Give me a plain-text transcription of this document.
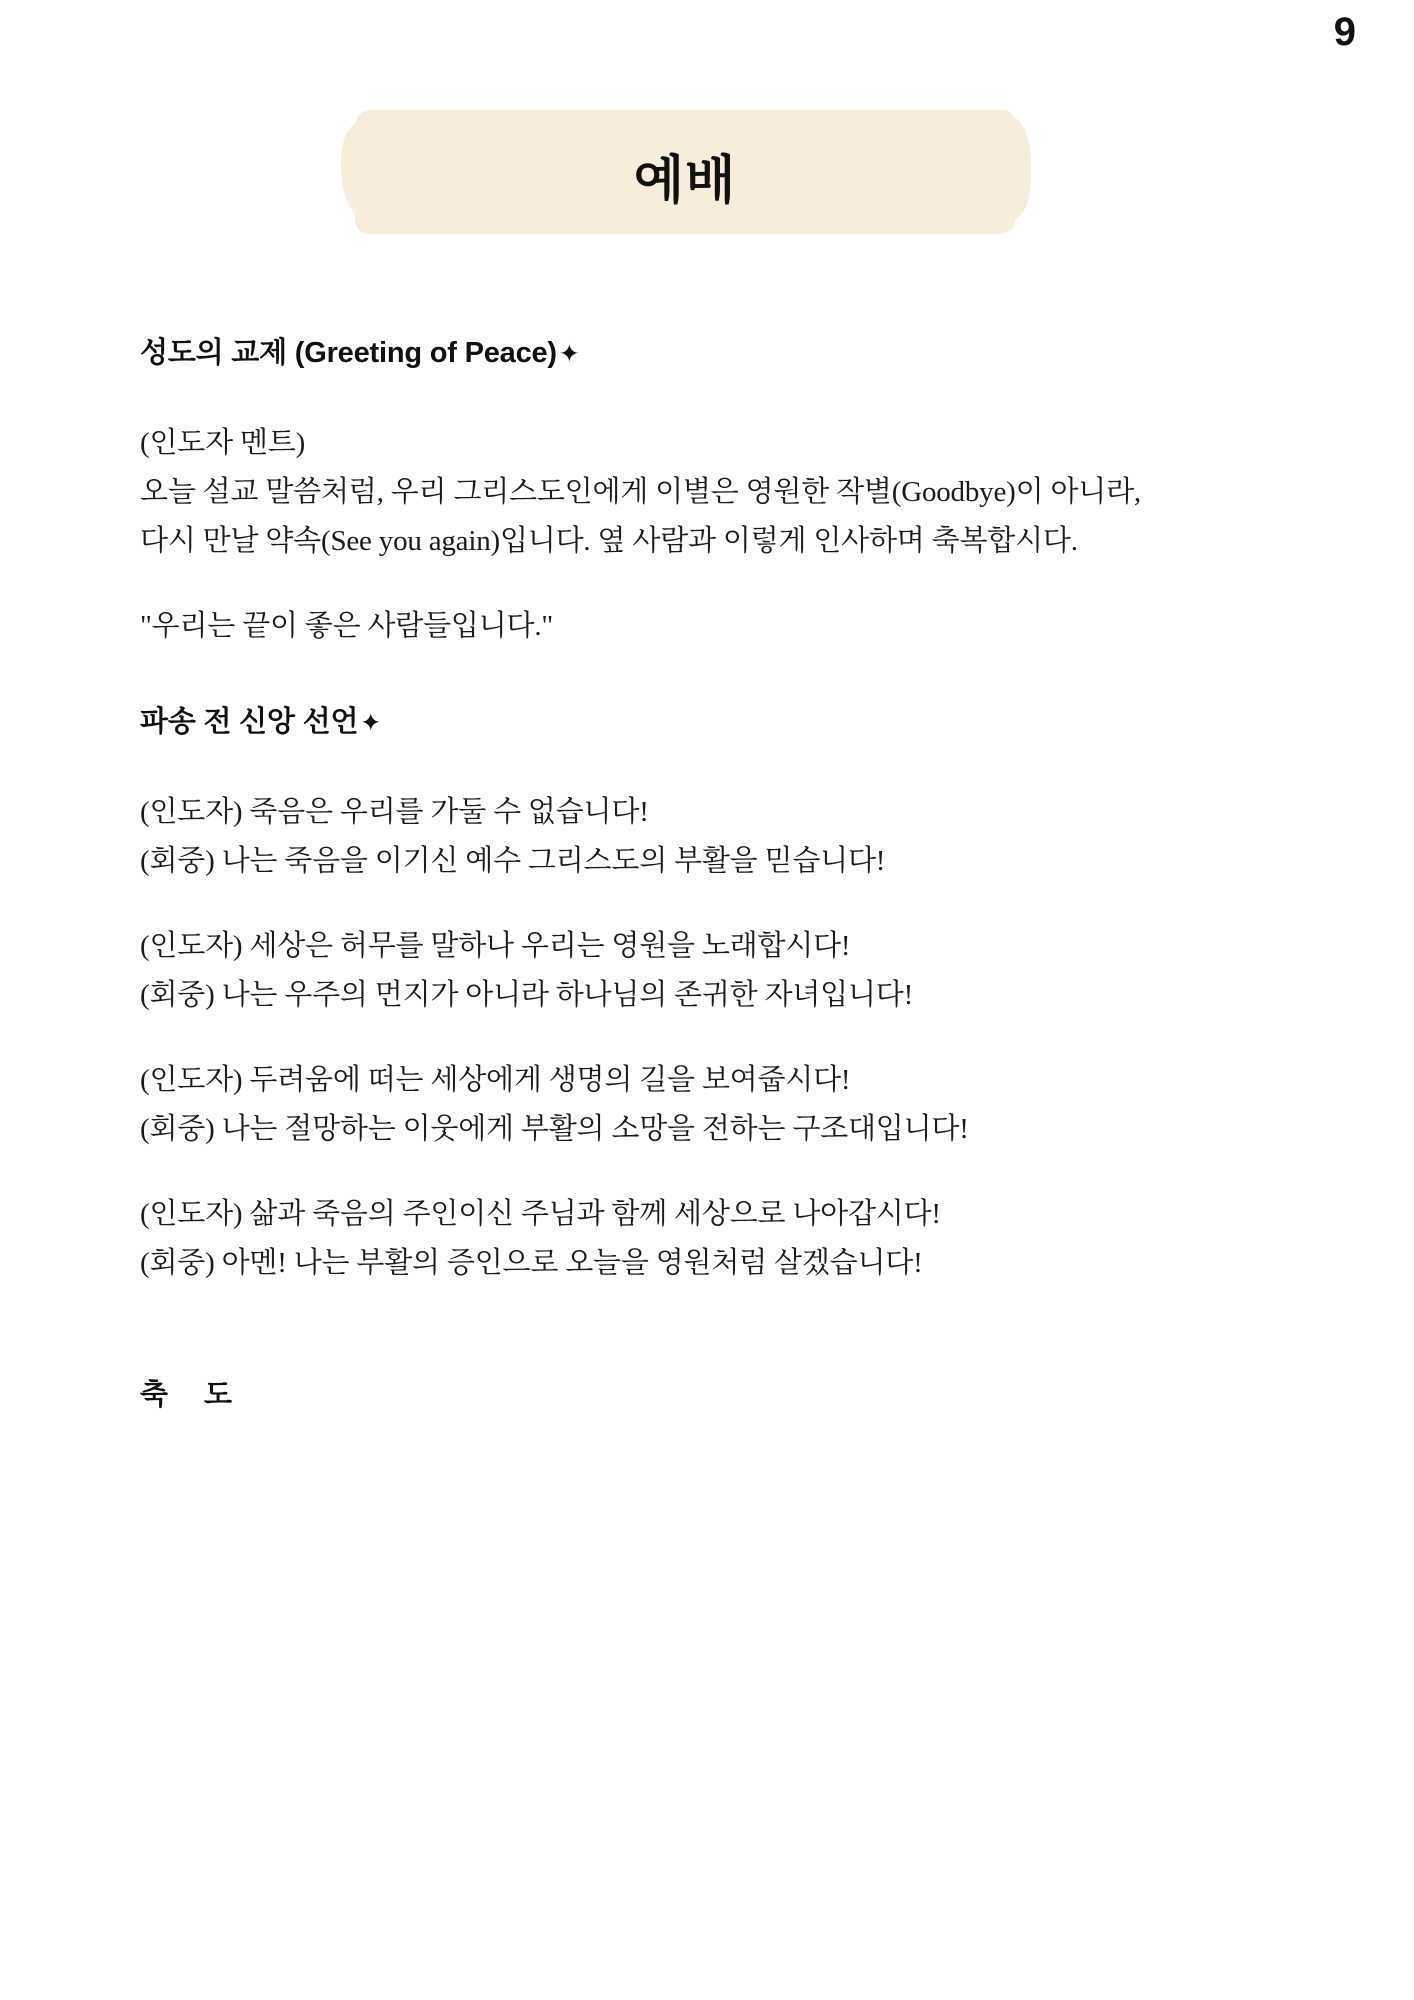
9
예배
성도의 교제 (Greeting of Peace)✦

(인도자 멘트)

오늘 설교 말씀처럼, 우리 그리스도인에게 이별은 영원한 작별(Goodbye)이 아니라,

다시 만날 약속(See you again)입니다. 옆 사람과 이렇게 인사하며 축복합시다.

"우리는 끝이 좋은 사람들입니다."

파송 전 신앙 선언✦

(인도자) 죽음은 우리를 가둘 수 없습니다!

(회중) 나는 죽음을 이기신 예수 그리스도의 부활을 믿습니다!

(인도자) 세상은 허무를 말하나 우리는 영원을 노래합시다!

(회중) 나는 우주의 먼지가 아니라 하나님의 존귀한 자녀입니다!

(인도자) 두려움에 떠는 세상에게 생명의 길을 보여줍시다!

(회중) 나는 절망하는 이웃에게 부활의 소망을 전하는 구조대입니다!

(인도자) 삶과 죽음의 주인이신 주님과 함께 세상으로 나아갑시다!

(회중) 아멘! 나는 부활의 증인으로 오늘을 영원처럼 살겠습니다!

축 도
